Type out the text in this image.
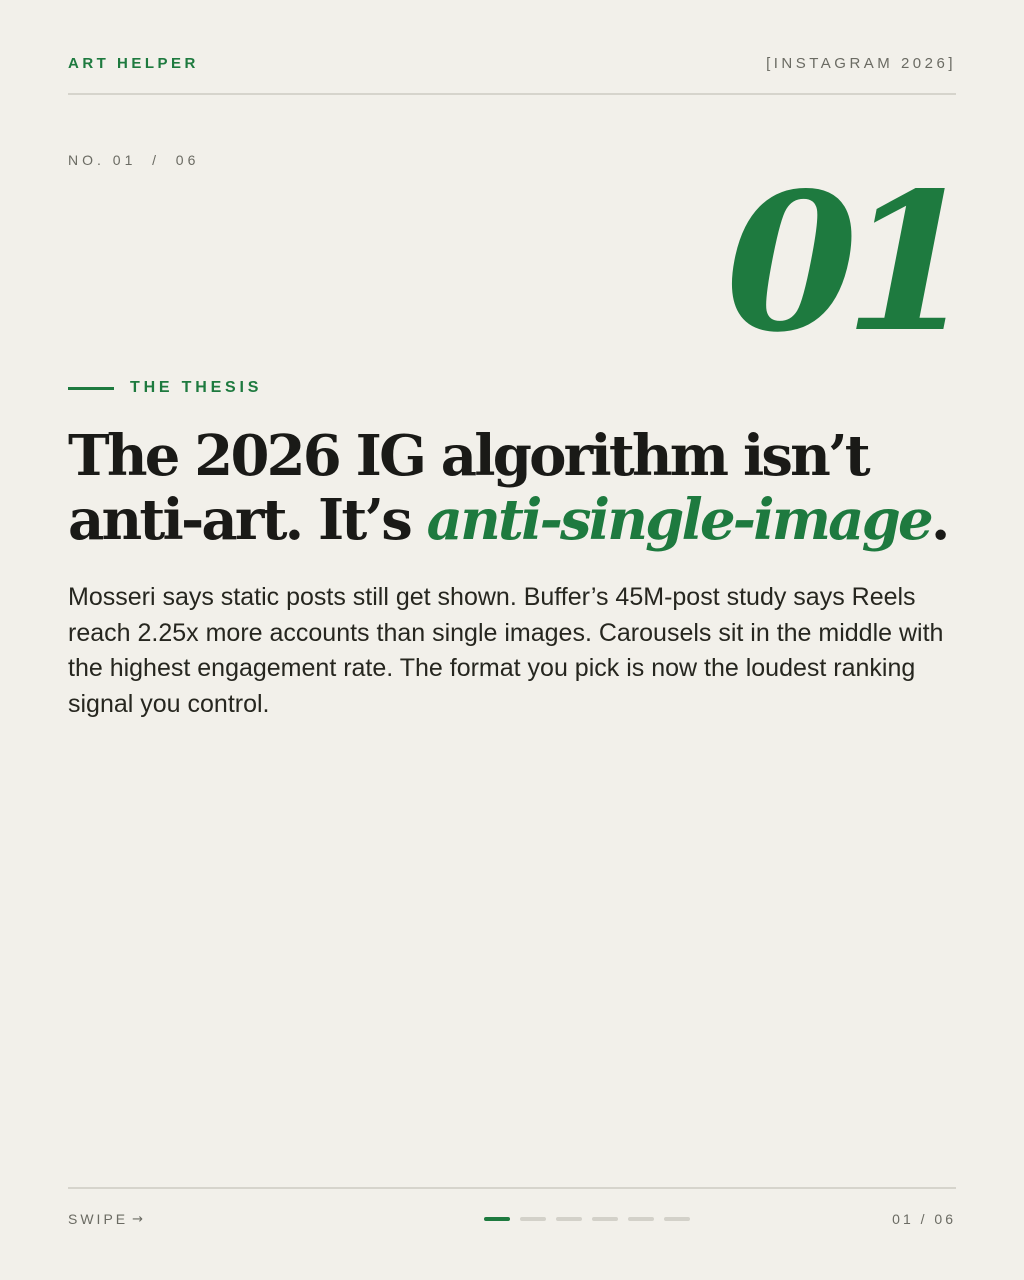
ART HELPER	[INSTAGRAM 2026]
NO. 01  /  06	01
THE THESIS
The 2026 IG algorithm isn’t anti-art. It’s anti-single-image.

Mosseri says static posts still get shown. Buffer’s 45M-post study says Reels reach 2.25x more accounts than single images. Carousels sit in the middle with the highest engagement rate. The format you pick is now the loudest ranking signal you control.

SWIPE →	01 / 06
